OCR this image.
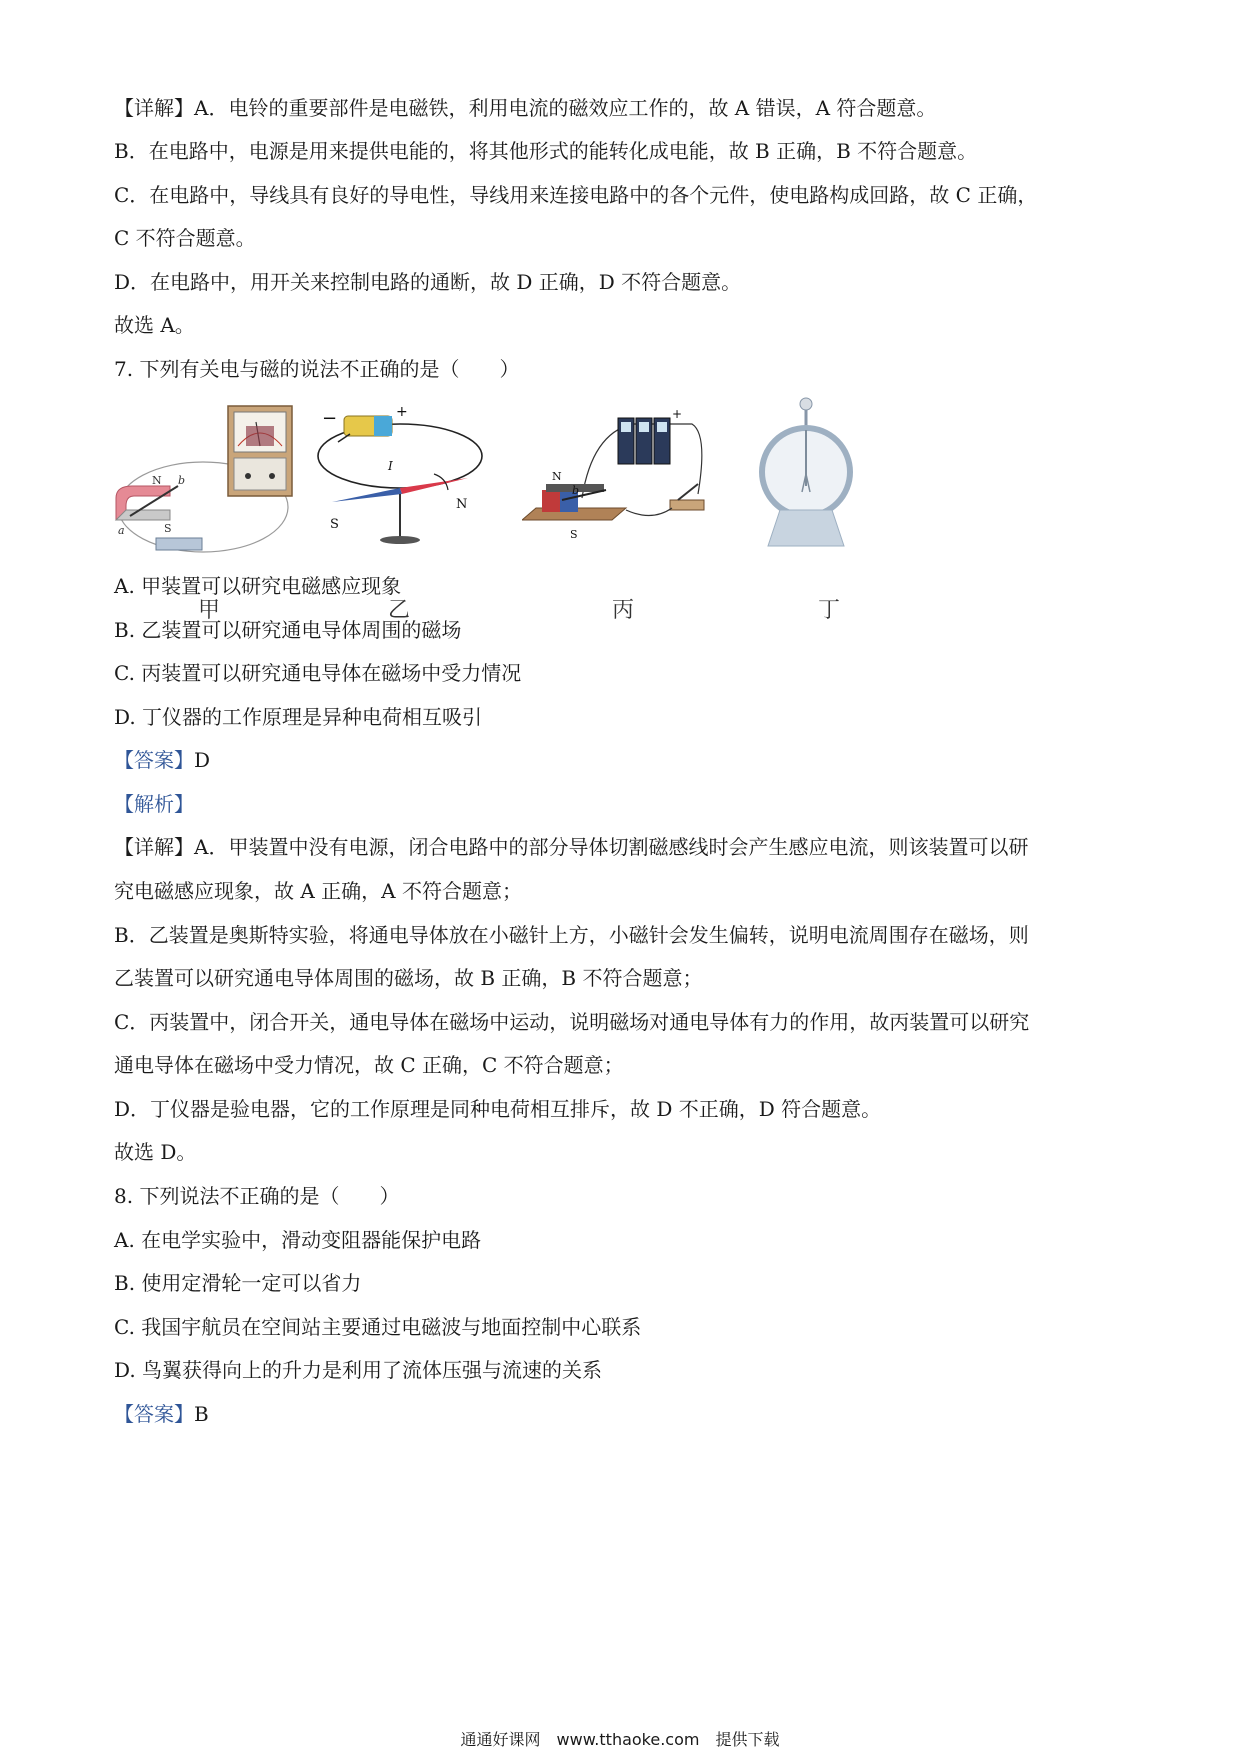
【详解】A．电铃的重要部件是电磁铁，利用电流的磁效应工作的，故 A 错误，A 符合题意。
B．在电路中，电源是用来提供电能的，将其他形式的能转化成电能，故 B 正确，B 不符合题意。
C．在电路中，导线具有良好的导电性，导线用来连接电路中的各个元件，使电路构成回路，故 C 正确，
C 不符合题意。
D．在电路中，用开关来控制电路的通断，故 D 正确，D 不符合题意。
故选 A。
7. 下列有关电与磁的说法不正确的是（　　）
N
S
a
b
甲
−	+
I
S
N
乙
+
N
b
S
丙	丁
A. 甲装置可以研究电磁感应现象
B. 乙装置可以研究通电导体周围的磁场
C. 丙装置可以研究通电导体在磁场中受力情况
D. 丁仪器的工作原理是异种电荷相互吸引
【答案】D
【解析】
【详解】A．甲装置中没有电源，闭合电路中的部分导体切割磁感线时会产生感应电流，则该装置可以研
究电磁感应现象，故 A 正确，A 不符合题意；
B．乙装置是奥斯特实验，将通电导体放在小磁针上方，小磁针会发生偏转，说明电流周围存在磁场，则
乙装置可以研究通电导体周围的磁场，故 B 正确，B 不符合题意；
C．丙装置中，闭合开关，通电导体在磁场中运动，说明磁场对通电导体有力的作用，故丙装置可以研究
通电导体在磁场中受力情况，故 C 正确，C 不符合题意；
D．丁仪器是验电器，它的工作原理是同种电荷相互排斥，故 D 不正确，D 符合题意。
故选 D。
8. 下列说法不正确的是（　　）
A. 在电学实验中，滑动变阻器能保护电路
B. 使用定滑轮一定可以省力
C. 我国宇航员在空间站主要通过电磁波与地面控制中心联系
D. 鸟翼获得向上的升力是利用了流体压强与流速的关系
【答案】B
通通好课网　www.tthaoke.com　提供下载
